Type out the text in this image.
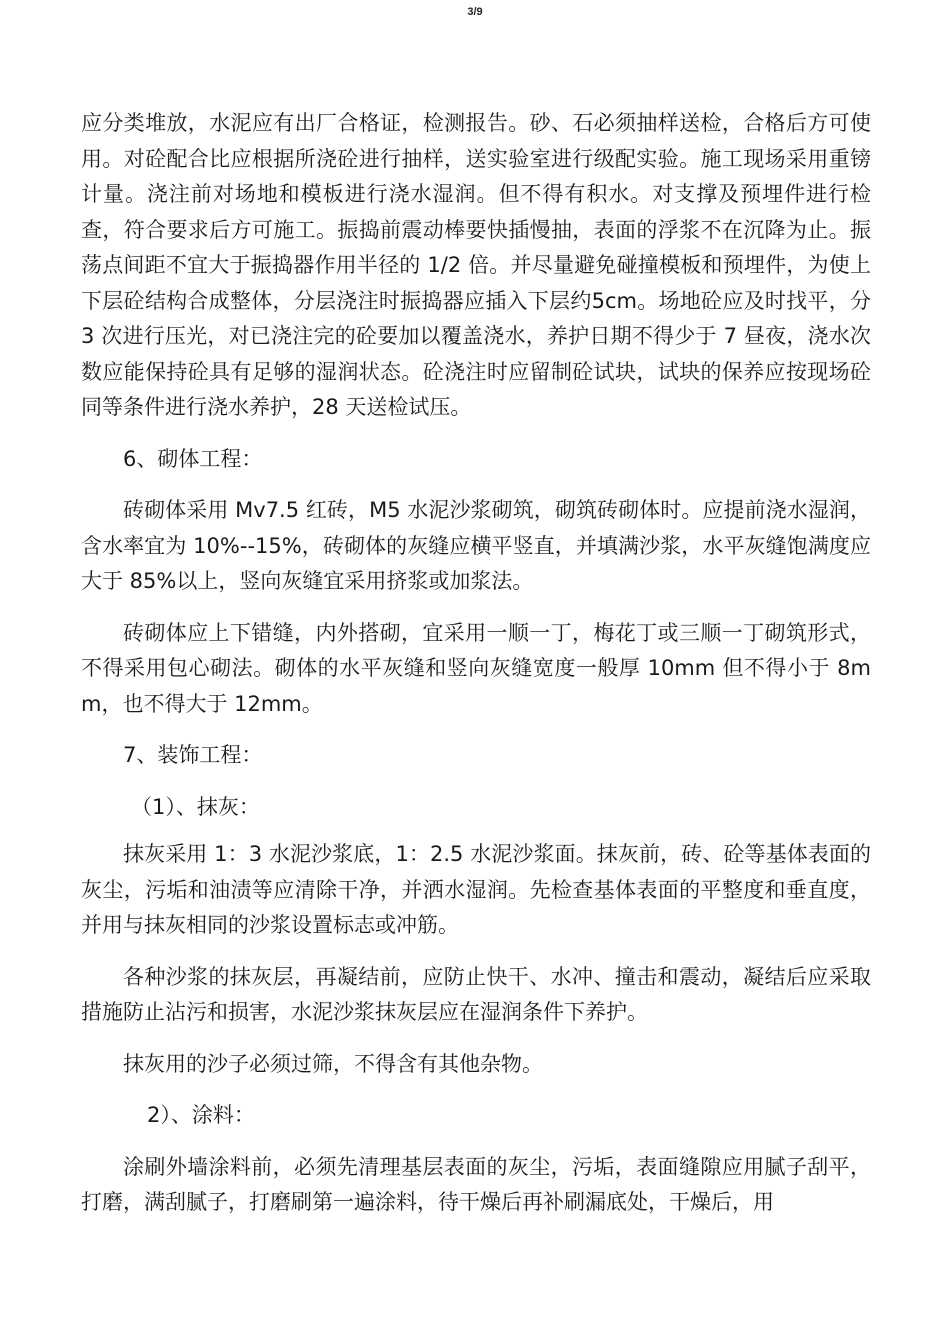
3/9

应分类堆放，水泥应有出厂合格证，检测报告。砂、石必须抽样送检，合格后方可使用。对砼配合比应根据所浇砼进行抽样，送实验室进行级配实验。施工现场采用重镑计量。浇注前对场地和模板进行浇水湿润。但不得有积水。对支撑及预埋件进行检查，符合要求后方可施工。振捣前震动棒要快插慢抽，表面的浮浆不在沉降为止。振荡点间距不宜大于振捣器作用半径的 1/2 倍。并尽量避免碰撞模板和预埋件，为使上下层砼结构合成整体，分层浇注时振捣器应插入下层约5cm。场地砼应及时找平，分 3 次进行压光，对已浇注完的砼要加以覆盖浇水，养护日期不得少于 7 昼夜，浇水次数应能保持砼具有足够的湿润状态。砼浇注时应留制砼试块，试块的保养应按现场砼同等条件进行浇水养护，28 天送检试压。

6、砌体工程：

砖砌体采用 Mv7.5 红砖，M5 水泥沙浆砌筑，砌筑砖砌体时。应提前浇水湿润，含水率宜为 10%--15%，砖砌体的灰缝应横平竖直，并填满沙浆，水平灰缝饱满度应大于 85%以上，竖向灰缝宜采用挤浆或加浆法。

砖砌体应上下错缝，内外搭砌，宜采用一顺一丁，梅花丁或三顺一丁砌筑形式，不得采用包心砌法。砌体的水平灰缝和竖向灰缝宽度一般厚 10mm 但不得小于 8mm，也不得大于 12mm。

7、装饰工程：
（1）、抹灰：

抹灰采用 1：3 水泥沙浆底，1：2.5 水泥沙浆面。抹灰前，砖、砼等基体表面的灰尘，污垢和油渍等应清除干净，并洒水湿润。先检查基体表面的平整度和垂直度，并用与抹灰相同的沙浆设置标志或冲筋。

各种沙浆的抹灰层，再凝结前，应防止快干、水冲、撞击和震动，凝结后应采取措施防止沾污和损害，水泥沙浆抹灰层应在湿润条件下养护。

抹灰用的沙子必须过筛，不得含有其他杂物。

2）、涂料：

涂刷外墙涂料前，必须先清理基层表面的灰尘，污垢，表面缝隙应用腻子刮平，打磨，满刮腻子，打磨刷第一遍涂料，待干燥后再补刷漏底处，干燥后，用
